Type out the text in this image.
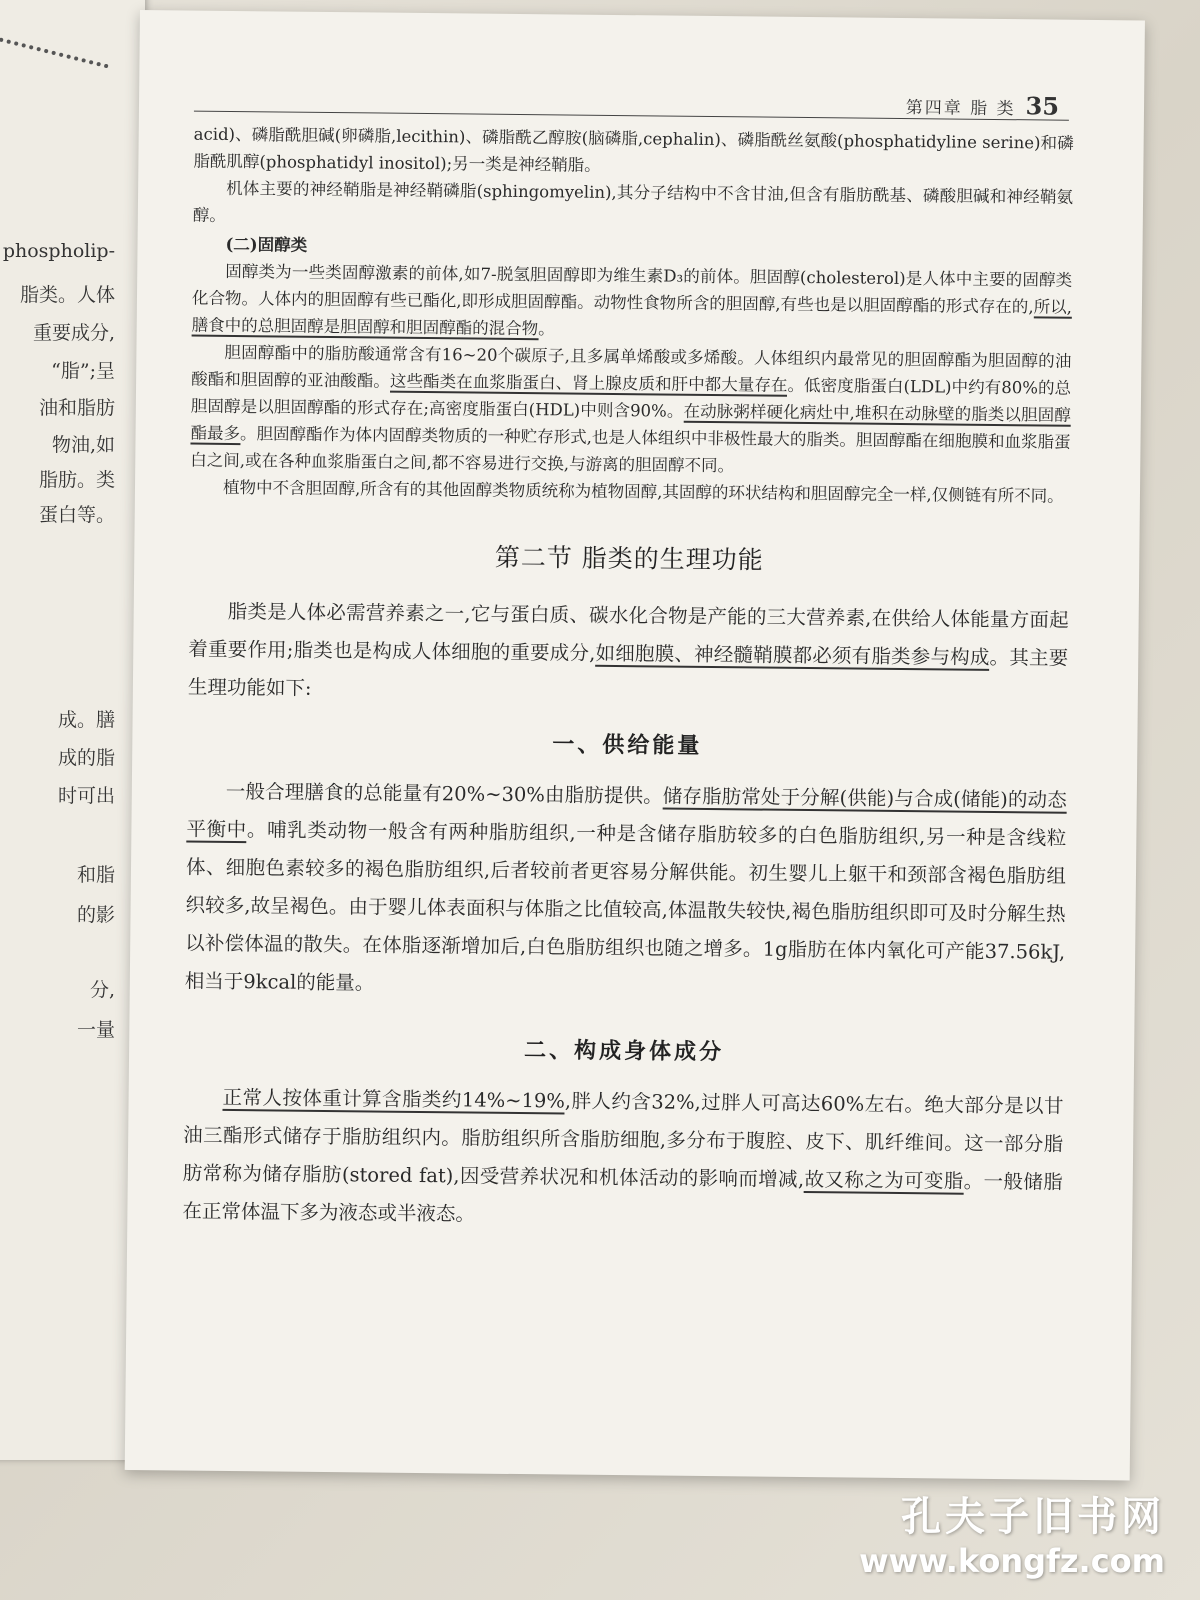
phospholip-
脂类。人体
重要成分,
“脂”;呈
油和脂肪
物油,如
脂肪。类
蛋白等。
成。膳
成的脂
时可出
和脂
的影
分,
一量
第四章 脂 类 35

acid)、磷脂酰胆碱(卵磷脂,lecithin)、磷脂酰乙醇胺(脑磷脂,cephalin)、磷脂酰丝氨酸(phosphatidyline serine)和磷脂酰肌醇(phosphatidyl inositol);另一类是神经鞘脂。

机体主要的神经鞘脂是神经鞘磷脂(sphingomyelin),其分子结构中不含甘油,但含有脂肪酰基、磷酸胆碱和神经鞘氨醇。

(二)固醇类

固醇类为一些类固醇激素的前体,如7-脱氢胆固醇即为维生素D₃的前体。胆固醇(cholesterol)是人体中主要的固醇类化合物。人体内的胆固醇有些已酯化,即形成胆固醇酯。动物性食物所含的胆固醇,有些也是以胆固醇酯的形式存在的,所以,膳食中的总胆固醇是胆固醇和胆固醇酯的混合物。

胆固醇酯中的脂肪酸通常含有16~20个碳原子,且多属单烯酸或多烯酸。人体组织内最常见的胆固醇酯为胆固醇的油酸酯和胆固醇的亚油酸酯。这些酯类在血浆脂蛋白、肾上腺皮质和肝中都大量存在。低密度脂蛋白(LDL)中约有80%的总胆固醇是以胆固醇酯的形式存在;高密度脂蛋白(HDL)中则含90%。在动脉粥样硬化病灶中,堆积在动脉壁的脂类以胆固醇酯最多。胆固醇酯作为体内固醇类物质的一种贮存形式,也是人体组织中非极性最大的脂类。胆固醇酯在细胞膜和血浆脂蛋白之间,或在各种血浆脂蛋白之间,都不容易进行交换,与游离的胆固醇不同。

植物中不含胆固醇,所含有的其他固醇类物质统称为植物固醇,其固醇的环状结构和胆固醇完全一样,仅侧链有所不同。

第二节 脂类的生理功能

脂类是人体必需营养素之一,它与蛋白质、碳水化合物是产能的三大营养素,在供给人体能量方面起着重要作用;脂类也是构成人体细胞的重要成分,如细胞膜、神经髓鞘膜都必须有脂类参与构成。其主要生理功能如下:

一、供给能量

一般合理膳食的总能量有20%~30%由脂肪提供。储存脂肪常处于分解(供能)与合成(储能)的动态平衡中。哺乳类动物一般含有两种脂肪组织,一种是含储存脂肪较多的白色脂肪组织,另一种是含线粒体、细胞色素较多的褐色脂肪组织,后者较前者更容易分解供能。初生婴儿上躯干和颈部含褐色脂肪组织较多,故呈褐色。由于婴儿体表面积与体脂之比值较高,体温散失较快,褐色脂肪组织即可及时分解生热以补偿体温的散失。在体脂逐渐增加后,白色脂肪组织也随之增多。1g脂肪在体内氧化可产能37.56kJ,相当于9kcal的能量。

二、构成身体成分

正常人按体重计算含脂类约14%~19%,胖人约含32%,过胖人可高达60%左右。绝大部分是以甘油三酯形式储存于脂肪组织内。脂肪组织所含脂肪细胞,多分布于腹腔、皮下、肌纤维间。这一部分脂肪常称为储存脂肪(stored fat),因受营养状况和机体活动的影响而增减,故又称之为可变脂。一般储脂在正常体温下多为液态或半液态。

孔夫子旧书网
www.kongfz.com
